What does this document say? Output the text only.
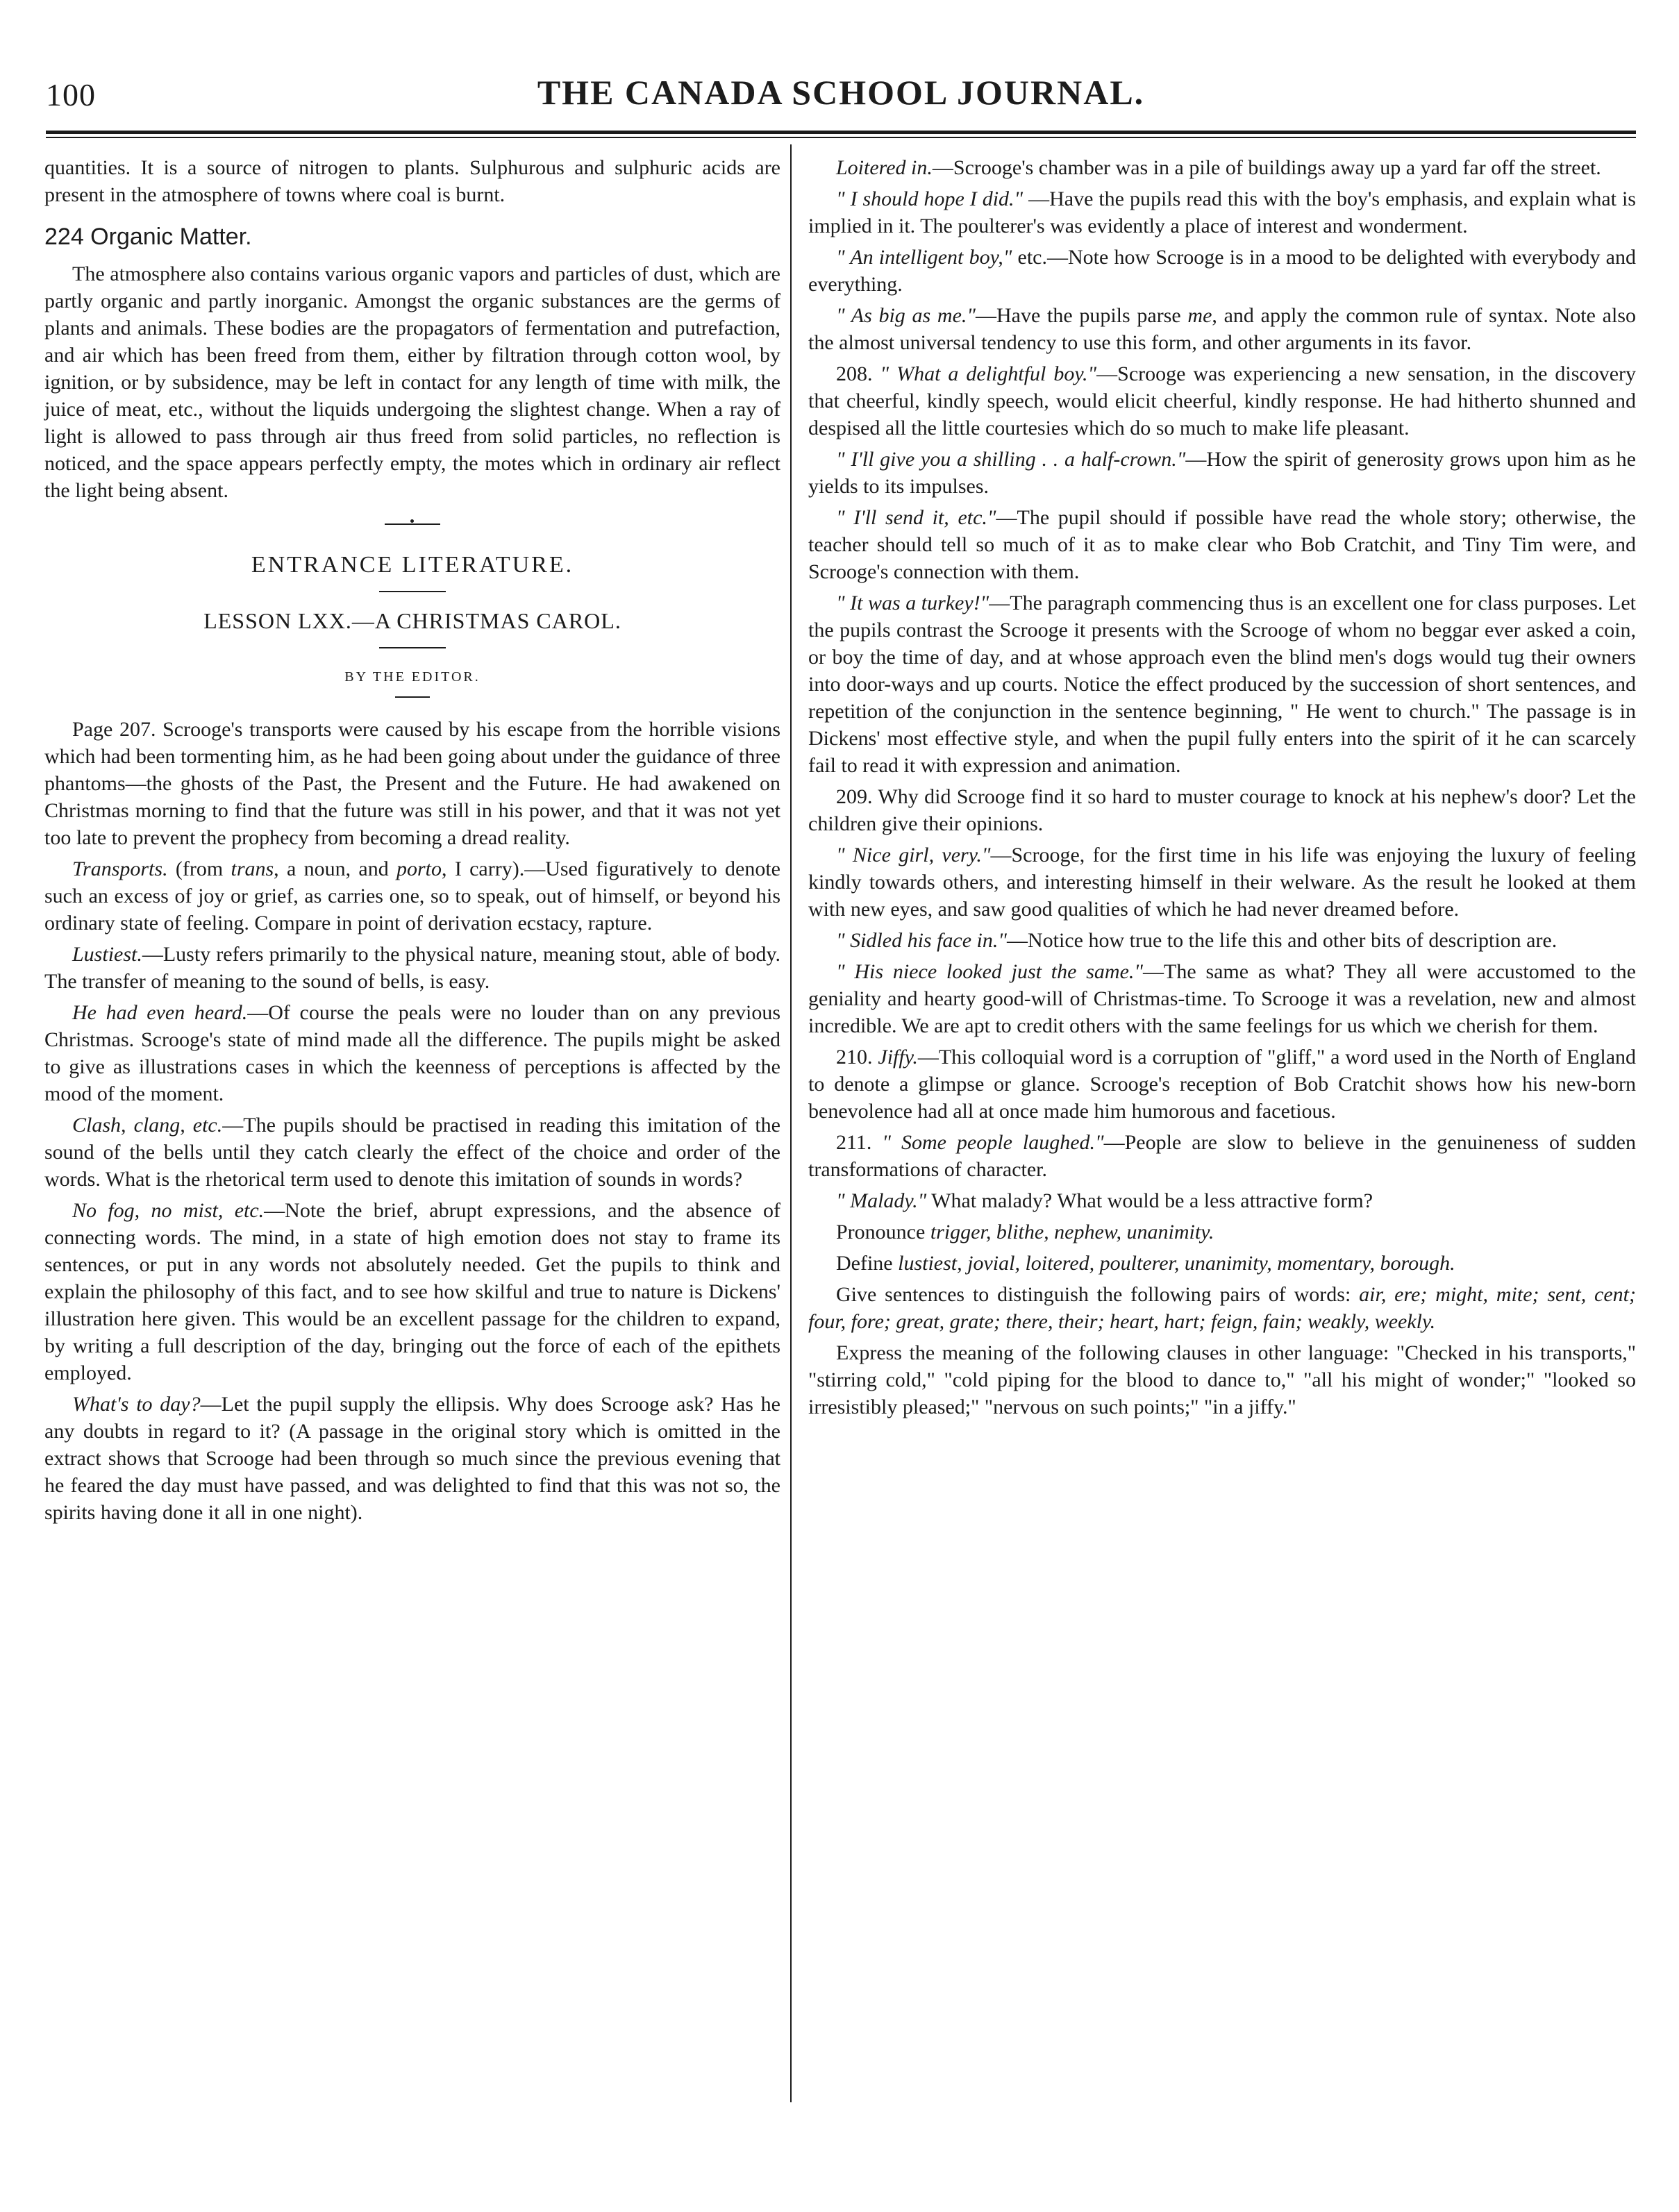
100	THE CANADA SCHOOL JOURNAL.

quantities. It is a source of nitrogen to plants. Sulphurous and sulphuric acids are present in the atmosphere of towns where coal is burnt.

224 Organic Matter.

The atmosphere also contains various organic vapors and particles of dust, which are partly organic and partly inorganic. Amongst the organic substances are the germs of plants and animals. These bodies are the propagators of fermentation and putrefaction, and air which has been freed from them, either by filtration through cotton wool, by ignition, or by subsidence, may be left in contact for any length of time with milk, the juice of meat, etc., without the liquids undergoing the slightest change. When a ray of light is allowed to pass through air thus freed from solid particles, no reflection is noticed, and the space appears perfectly empty, the motes which in ordinary air reflect the light being absent.

ENTRANCE LITERATURE.
LESSON LXX.—A CHRISTMAS CAROL.
BY THE EDITOR.

Page 207. Scrooge's transports were caused by his escape from the horrible visions which had been tormenting him, as he had been going about under the guidance of three phantoms—the ghosts of the Past, the Present and the Future. He had awakened on Christmas morning to find that the future was still in his power, and that it was not yet too late to prevent the prophecy from becoming a dread reality.

Transports. (from trans, a noun, and porto, I carry).—Used figuratively to denote such an excess of joy or grief, as carries one, so to speak, out of himself, or beyond his ordinary state of feeling. Compare in point of derivation ecstacy, rapture.

Lustiest.—Lusty refers primarily to the physical nature, meaning stout, able of body. The transfer of meaning to the sound of bells, is easy.

He had even heard.—Of course the peals were no louder than on any previous Christmas. Scrooge's state of mind made all the difference. The pupils might be asked to give as illustrations cases in which the keenness of perceptions is affected by the mood of the moment.

Clash, clang, etc.—The pupils should be practised in reading this imitation of the sound of the bells until they catch clearly the effect of the choice and order of the words. What is the rhetorical term used to denote this imitation of sounds in words?

No fog, no mist, etc.—Note the brief, abrupt expressions, and the absence of connecting words. The mind, in a state of high emotion does not stay to frame its sentences, or put in any words not absolutely needed. Get the pupils to think and explain the philosophy of this fact, and to see how skilful and true to nature is Dickens' illustration here given. This would be an excellent passage for the children to expand, by writing a full description of the day, bringing out the force of each of the epithets employed.

What's to day?—Let the pupil supply the ellipsis. Why does Scrooge ask? Has he any doubts in regard to it? (A passage in the original story which is omitted in the extract shows that Scrooge had been through so much since the previous evening that he feared the day must have passed, and was delighted to find that this was not so, the spirits having done it all in one night).

Loitered in.—Scrooge's chamber was in a pile of buildings away up a yard far off the street.

" I should hope I did." —Have the pupils read this with the boy's emphasis, and explain what is implied in it. The poulterer's was evidently a place of interest and wonderment.

" An intelligent boy," etc.—Note how Scrooge is in a mood to be delighted with everybody and everything.

" As big as me."—Have the pupils parse me, and apply the common rule of syntax. Note also the almost universal tendency to use this form, and other arguments in its favor.

208. " What a delightful boy."—Scrooge was experiencing a new sensation, in the discovery that cheerful, kindly speech, would elicit cheerful, kindly response. He had hitherto shunned and despised all the little courtesies which do so much to make life pleasant.

" I'll give you a shilling . . a half-crown."—How the spirit of generosity grows upon him as he yields to its impulses.

" I'll send it, etc."—The pupil should if possible have read the whole story; otherwise, the teacher should tell so much of it as to make clear who Bob Cratchit, and Tiny Tim were, and Scrooge's connection with them.

" It was a turkey!"—The paragraph commencing thus is an excellent one for class purposes. Let the pupils contrast the Scrooge it presents with the Scrooge of whom no beggar ever asked a coin, or boy the time of day, and at whose approach even the blind men's dogs would tug their owners into door-ways and up courts. Notice the effect produced by the succession of short sentences, and repetition of the conjunction in the sentence beginning, " He went to church." The passage is in Dickens' most effective style, and when the pupil fully enters into the spirit of it he can scarcely fail to read it with expression and animation.

209. Why did Scrooge find it so hard to muster courage to knock at his nephew's door? Let the children give their opinions.

" Nice girl, very."—Scrooge, for the first time in his life was enjoying the luxury of feeling kindly towards others, and interesting himself in their welware. As the result he looked at them with new eyes, and saw good qualities of which he had never dreamed before.

" Sidled his face in."—Notice how true to the life this and other bits of description are.

" His niece looked just the same."—The same as what? They all were accustomed to the geniality and hearty good-will of Christmas-time. To Scrooge it was a revelation, new and almost incredible. We are apt to credit others with the same feelings for us which we cherish for them.

210. Jiffy.—This colloquial word is a corruption of "gliff," a word used in the North of England to denote a glimpse or glance. Scrooge's reception of Bob Cratchit shows how his new-born benevolence had all at once made him humorous and facetious.

211. " Some people laughed."—People are slow to believe in the genuineness of sudden transformations of character.

" Malady." What malady? What would be a less attractive form?

Pronounce trigger, blithe, nephew, unanimity.

Define lustiest, jovial, loitered, poulterer, unanimity, momentary, borough.

Give sentences to distinguish the following pairs of words: air, ere; might, mite; sent, cent; four, fore; great, grate; there, their; heart, hart; feign, fain; weakly, weekly.

Express the meaning of the following clauses in other language: "Checked in his transports," "stirring cold," "cold piping for the blood to dance to," "all his might of wonder;" "looked so irresistibly pleased;" "nervous on such points;" "in a jiffy."
